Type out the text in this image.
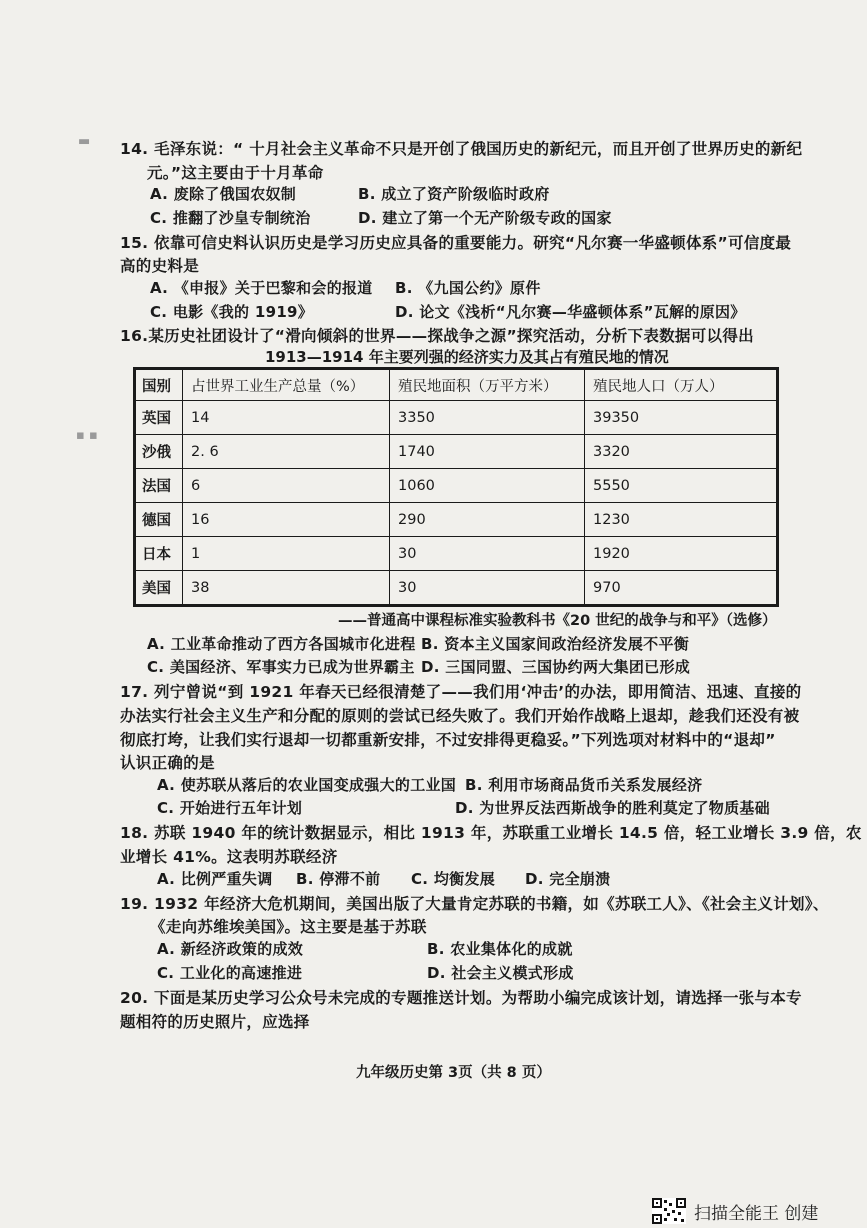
▬
▪ ▪
14. 毛泽东说：“ 十月社会主义革命不只是开创了俄国历史的新纪元，而且开创了世界历史的新纪
元。”这主要由于十月革命
A. 废除了俄国农奴制	B. 成立了资产阶级临时政府
C. 推翻了沙皇专制统治	D. 建立了第一个无产阶级专政的国家
15. 依靠可信史料认识历史是学习历史应具备的重要能力。研究“凡尔赛一华盛顿体系”可信度最
高的史料是
A. 《申报》关于巴黎和会的报道 B. 《九国公约》原件
C. 电影《我的 1919》	D. 论文《浅析“凡尔赛—华盛顿体系”瓦解的原因》
16.某历史社团设计了“滑向倾斜的世界——探战争之源”探究活动，分析下表数据可以得出
1913—1914 年主要列强的经济实力及其占有殖民地的情况
国别	占世界工业生产总量（%）	殖民地面积（万平方米）	殖民地人口（万人）
英国	14	3350	39350
沙俄	2. 6	1740	3320
法国	6	1060	5550
德国	16	290	1230
日本	1	30	1920
美国	38	30	970
——普通高中课程标准实验教科书《20 世纪的战争与和平》（选修）
A. 工业革命推动了西方各国城市化进程 B. 资本主义国家间政治经济发展不平衡
C. 美国经济、军事实力已成为世界霸主 D. 三国同盟、三国协约两大集团已形成
17. 列宁曾说“到 1921 年春天已经很清楚了——我们用‘冲击’的办法，即用简洁、迅速、直接的
办法实行社会主义生产和分配的原则的尝试已经失败了。我们开始作战略上退却，趁我们还没有被
彻底打垮，让我们实行退却一切都重新安排，不过安排得更稳妥。”下列选项对材料中的“退却”
认识正确的是
A. 使苏联从落后的农业国变成强大的工业国 B. 利用市场商品货币关系发展经济
C. 开始进行五年计划	D. 为世界反法西斯战争的胜利莫定了物质基础
18. 苏联 1940 年的统计数据显示，相比 1913 年，苏联重工业增长 14.5 倍，轻工业增长 3.9 倍，农
业增长 41%。这表明苏联经济
A. 比例严重失调 B. 停滞不前 C. 均衡发展 D. 完全崩溃
19. 1932 年经济大危机期间，美国出版了大量肯定苏联的书籍，如《苏联工人》、《社会主义计划》、
《走向苏维埃美国》。这主要是基于苏联
A. 新经济政策的成效	B. 农业集体化的成就
C. 工业化的高速推进	D. 社会主义模式形成
20. 下面是某历史学习公众号未完成的专题推送计划。为帮助小编完成该计划，请选择一张与本专
题相符的历史照片，应选择
九年级历史第 3页（共 8 页）
扫描全能王 创建
